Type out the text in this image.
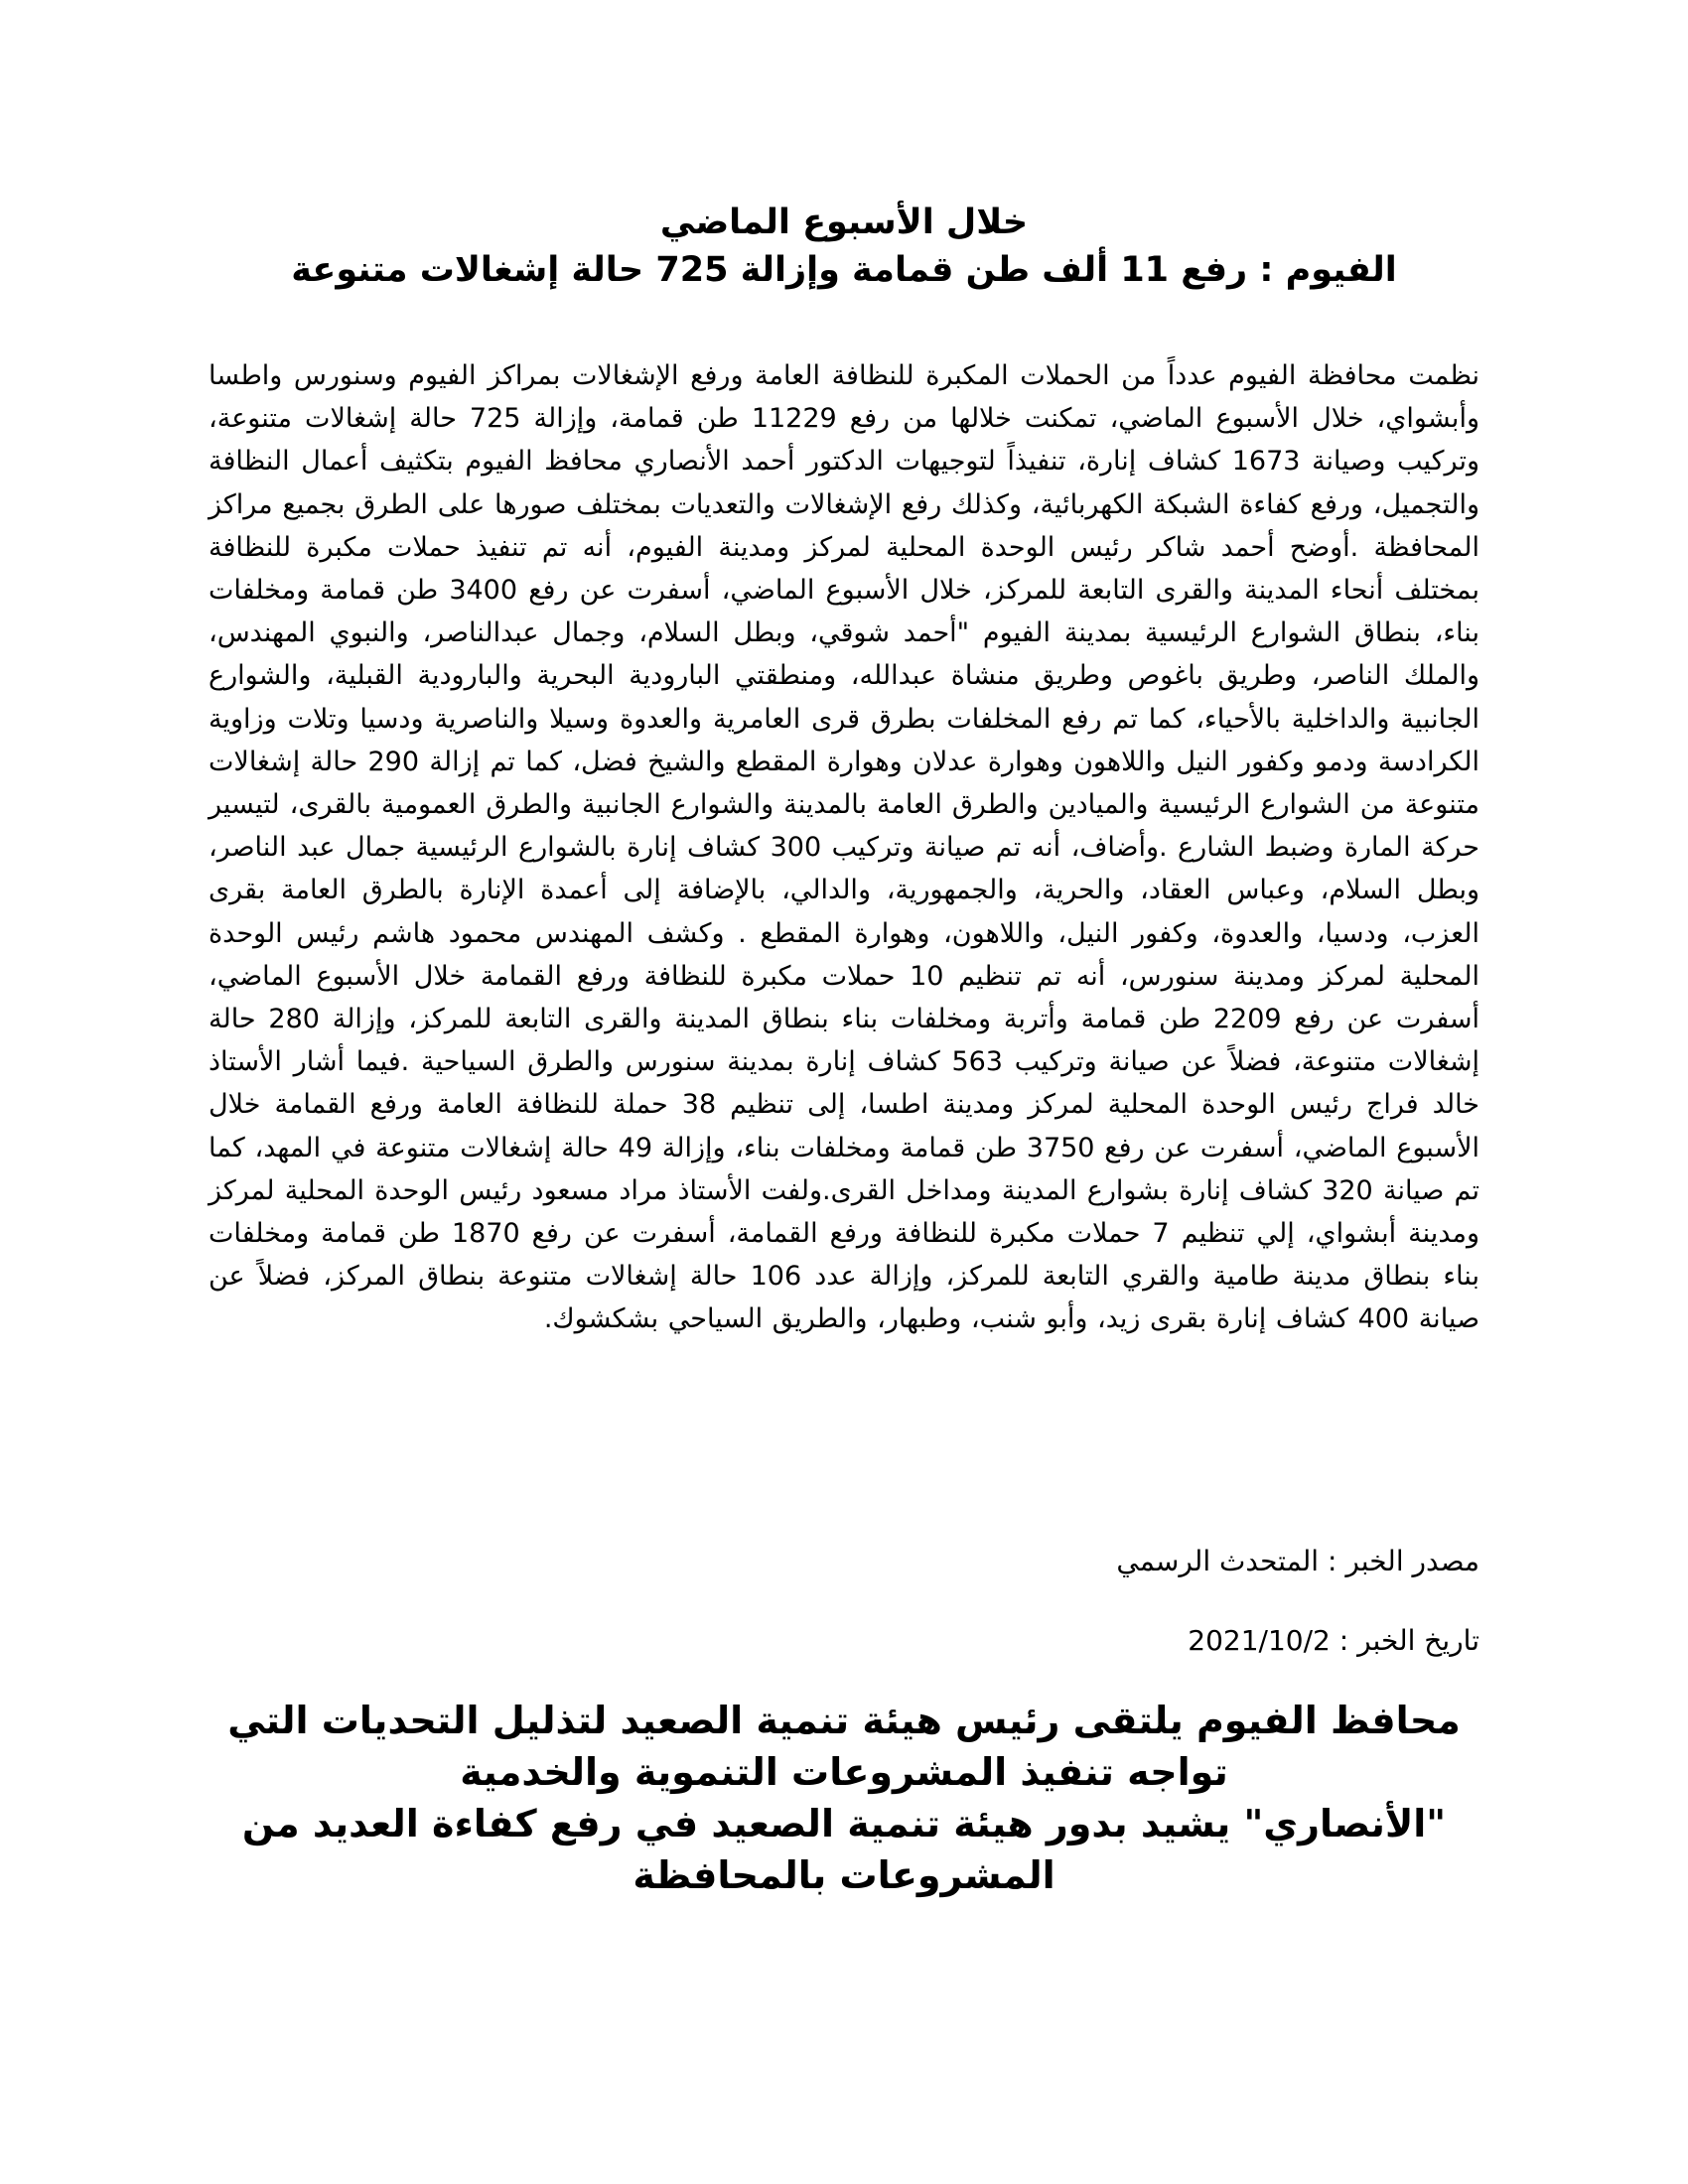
خلال الأسبوع الماضي
الفيوم : رفع 11 ألف طن قمامة وإزالة 725 حالة إشغالات متنوعة
نظمت محافظة الفيوم عدداً من الحملات المكبرة للنظافة العامة ورفع الإشغالات بمراكز الفيوم وسنورس واطسا وأبشواي، خلال الأسبوع الماضي، تمكنت خلالها من رفع 11229 طن قمامة، وإزالة 725 حالة إشغالات متنوعة، وتركيب وصيانة 1673 كشاف إنارة، تنفيذاً لتوجيهات الدكتور أحمد الأنصاري محافظ الفيوم بتكثيف أعمال النظافة والتجميل، ورفع كفاءة الشبكة الكهربائية، وكذلك رفع الإشغالات والتعديات بمختلف صورها على الطرق بجميع مراكز المحافظة .أوضح أحمد شاكر رئيس الوحدة المحلية لمركز ومدينة الفيوم، أنه تم تنفيذ حملات مكبرة للنظافة بمختلف أنحاء المدينة والقرى التابعة للمركز، خلال الأسبوع الماضي، أسفرت عن رفع 3400 طن قمامة ومخلفات بناء، بنطاق الشوارع الرئيسية بمدينة الفيوم "أحمد شوقي، وبطل السلام، وجمال عبدالناصر، والنبوي المهندس، والملك الناصر، وطريق باغوص وطريق منشاة عبدالله، ومنطقتي البارودية البحرية والبارودية القبلية، والشوارع الجانبية والداخلية بالأحياء، كما تم رفع المخلفات بطرق قرى العامرية والعدوة وسيلا والناصرية ودسيا وتلات وزاوية الكرادسة ودمو وكفور النيل واللاهون وهوارة عدلان وهوارة المقطع والشيخ فضل، كما تم إزالة 290 حالة إشغالات متنوعة من الشوارع الرئيسية والميادين والطرق العامة بالمدينة والشوارع الجانبية والطرق العمومية بالقرى، لتيسير حركة المارة وضبط الشارع .وأضاف، أنه تم صيانة وتركيب 300 كشاف إنارة بالشوارع الرئيسية جمال عبد الناصر، وبطل السلام، وعباس العقاد، والحرية، والجمهورية، والدالي، بالإضافة إلى أعمدة الإنارة بالطرق العامة بقرى العزب، ودسيا، والعدوة، وكفور النيل، واللاهون، وهوارة المقطع . وكشف المهندس محمود هاشم رئيس الوحدة المحلية لمركز ومدينة سنورس، أنه تم تنظيم 10 حملات مكبرة للنظافة ورفع القمامة خلال الأسبوع الماضي، أسفرت عن رفع 2209 طن قمامة وأتربة ومخلفات بناء بنطاق المدينة والقرى التابعة للمركز، وإزالة 280 حالة إشغالات متنوعة، فضلاً عن صيانة وتركيب 563 كشاف إنارة بمدينة سنورس والطرق السياحية .فيما أشار الأستاذ خالد فراج رئيس الوحدة المحلية لمركز ومدينة اطسا، إلى تنظيم 38 حملة للنظافة العامة ورفع القمامة خلال الأسبوع الماضي، أسفرت عن رفع 3750 طن قمامة ومخلفات بناء، وإزالة 49 حالة إشغالات متنوعة في المهد، كما تم صيانة 320 كشاف إنارة بشوارع المدينة ومداخل القرى.ولفت الأستاذ مراد مسعود رئيس الوحدة المحلية لمركز ومدينة أبشواي، إلي تنظيم 7 حملات مكبرة للنظافة ورفع القمامة، أسفرت عن رفع 1870 طن قمامة ومخلفات بناء بنطاق مدينة طامية والقري التابعة للمركز، وإزالة عدد 106 حالة إشغالات متنوعة بنطاق المركز، فضلاً عن صيانة 400 كشاف إنارة بقرى زيد، وأبو شنب، وطبهار، والطريق السياحي بشكشوك.
مصدر الخبر : المتحدث الرسمي
تاريخ الخبر : 2021/10/2
محافظ الفيوم يلتقى رئيس هيئة تنمية الصعيد لتذليل التحديات التي تواجه تنفيذ المشروعات التنموية والخدمية
"الأنصاري" يشيد بدور هيئة تنمية الصعيد في رفع كفاءة العديد من المشروعات بالمحافظة
